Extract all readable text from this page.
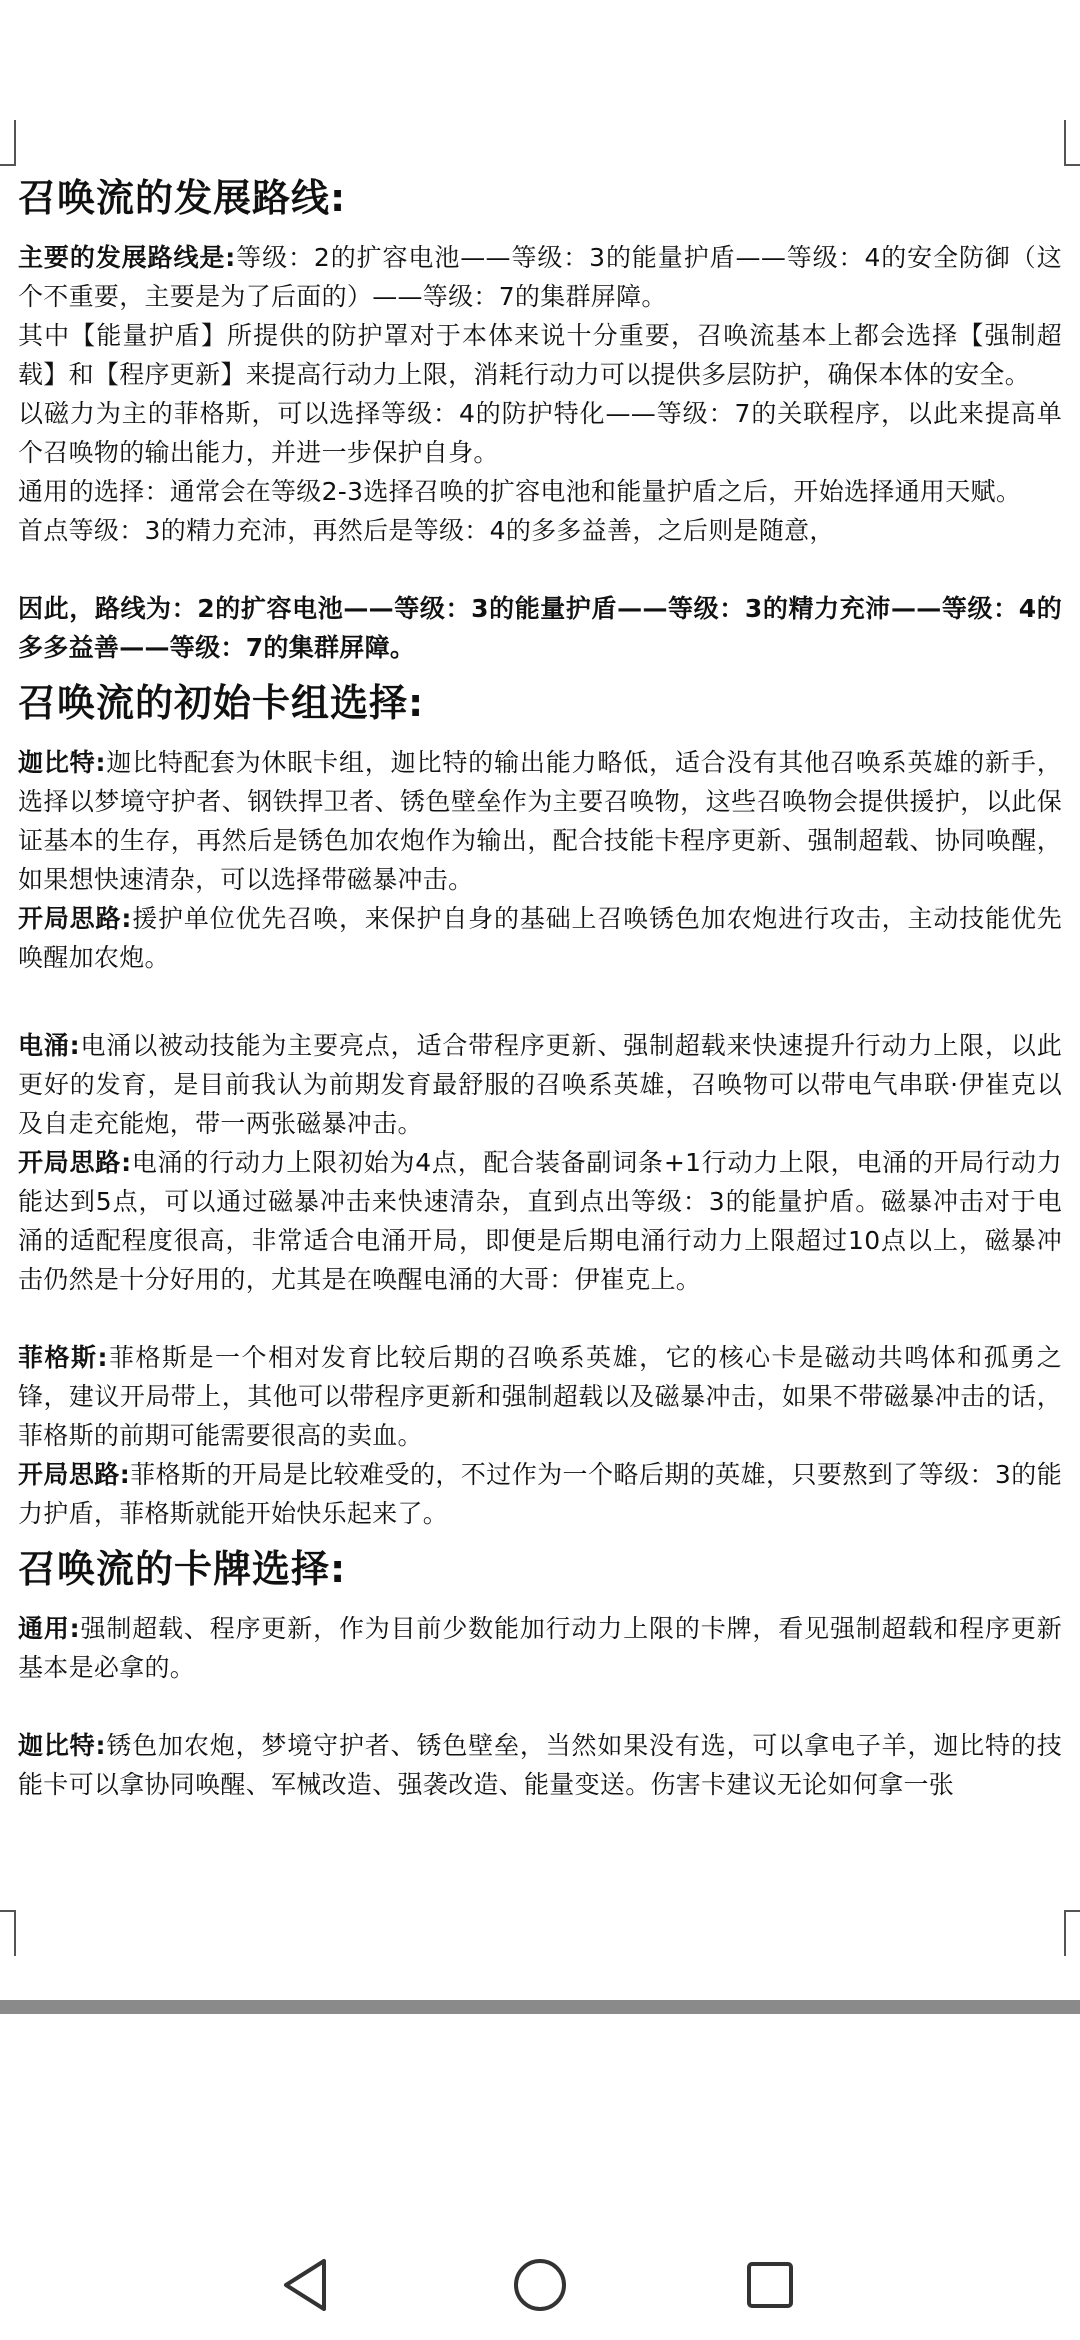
召唤流的发展路线:

主要的发展路线是:等级：2的扩容电池——等级：3的能量护盾——等级：4的安全防御（这个不重要，主要是为了后面的）——等级：7的集群屏障。

其中【能量护盾】所提供的防护罩对于本体来说十分重要，召唤流基本上都会选择【强制超载】和【程序更新】来提高行动力上限，消耗行动力可以提供多层防护，确保本体的安全。

以磁力为主的菲格斯，可以选择等级：4的防护特化——等级：7的关联程序，以此来提高单个召唤物的输出能力，并进一步保护自身。

通用的选择：通常会在等级2-3选择召唤的扩容电池和能量护盾之后，开始选择通用天赋。

首点等级：3的精力充沛，再然后是等级：4的多多益善，之后则是随意，

因此，路线为：2的扩容电池——等级：3的能量护盾——等级：3的精力充沛——等级：4的多多益善——等级：7的集群屏障。

召唤流的初始卡组选择:

迦比特:迦比特配套为休眠卡组，迦比特的输出能力略低，适合没有其他召唤系英雄的新手，选择以梦境守护者、钢铁捍卫者、锈色壁垒作为主要召唤物，这些召唤物会提供援护，以此保证基本的生存，再然后是锈色加农炮作为输出，配合技能卡程序更新、强制超载、协同唤醒，如果想快速清杂，可以选择带磁暴冲击。

开局思路:援护单位优先召唤，来保护自身的基础上召唤锈色加农炮进行攻击，主动技能优先唤醒加农炮。

电涌:电涌以被动技能为主要亮点，适合带程序更新、强制超载来快速提升行动力上限，以此更好的发育，是目前我认为前期发育最舒服的召唤系英雄，召唤物可以带电气串联·伊崔克以及自走充能炮，带一两张磁暴冲击。

开局思路:电涌的行动力上限初始为4点，配合装备副词条+1行动力上限，电涌的开局行动力能达到5点，可以通过磁暴冲击来快速清杂，直到点出等级：3的能量护盾。磁暴冲击对于电涌的适配程度很高，非常适合电涌开局，即便是后期电涌行动力上限超过10点以上，磁暴冲击仍然是十分好用的，尤其是在唤醒电涌的大哥：伊崔克上。

菲格斯:菲格斯是一个相对发育比较后期的召唤系英雄，它的核心卡是磁动共鸣体和孤勇之锋，建议开局带上，其他可以带程序更新和强制超载以及磁暴冲击，如果不带磁暴冲击的话，菲格斯的前期可能需要很高的卖血。

开局思路:菲格斯的开局是比较难受的，不过作为一个略后期的英雄，只要熬到了等级：3的能力护盾，菲格斯就能开始快乐起来了。

召唤流的卡牌选择:

通用:强制超载、程序更新，作为目前少数能加行动力上限的卡牌，看见强制超载和程序更新基本是必拿的。

迦比特:锈色加农炮，梦境守护者、锈色壁垒，当然如果没有选，可以拿电子羊，迦比特的技能卡可以拿协同唤醒、军械改造、强袭改造、能量变送。伤害卡建议无论如何拿一张
